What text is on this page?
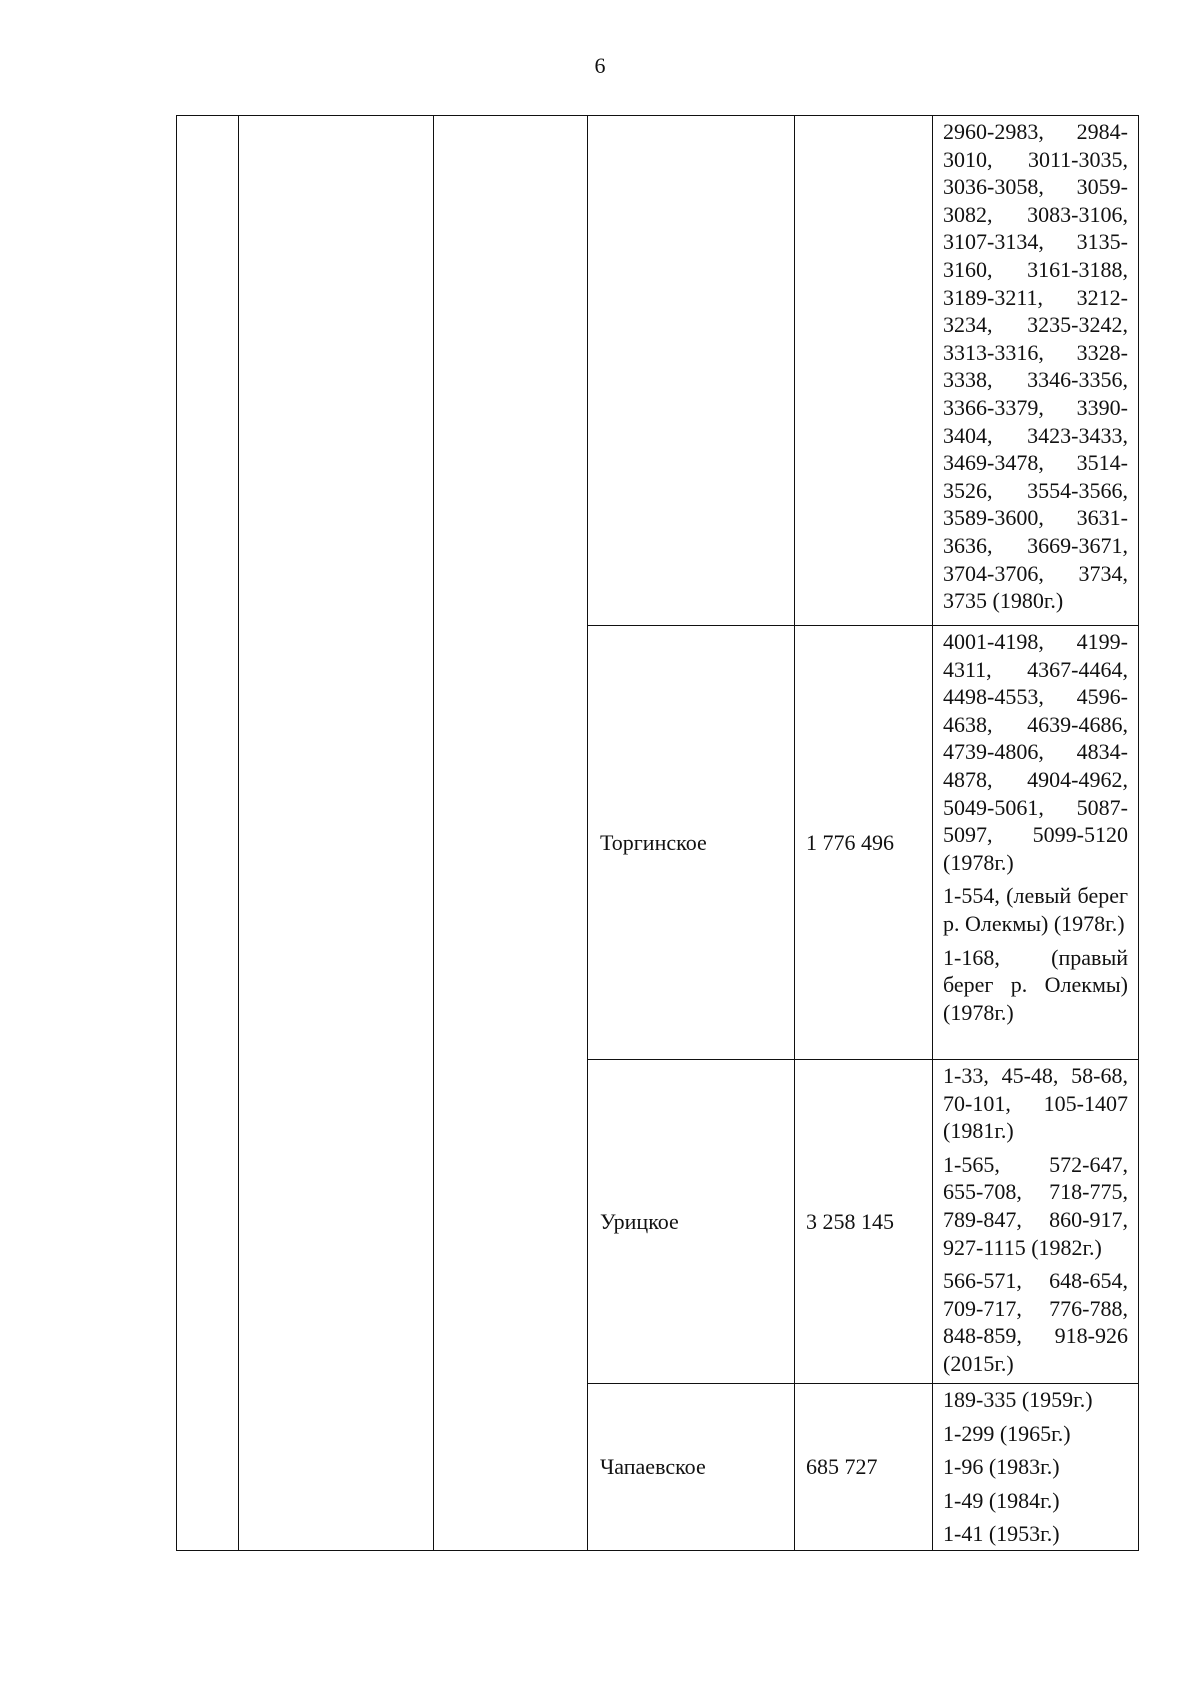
6

					2960-2983, 2984-3010, 3011-3035, 3036-3058, 3059-3082, 3083-3106, 3107-3134, 3135-3160, 3161-3188, 3189-3211, 3212-3234, 3235-3242, 3313-3316, 3328-3338, 3346-3356, 3366-3379, 3390-3404, 3423-3433, 3469-3478, 3514-3526, 3554-3566, 3589-3600, 3631-3636, 3669-3671, 3704-3706, 3734, 3735 (1980г.)

			Торгинское	1 776 496	4001-4198, 4199-4311, 4367-4464, 4498-4553, 4596-4638, 4639-4686, 4739-4806, 4834-4878, 4904-4962, 5049-5061, 5087-5097, 5099-5120 (1978г.)
1-554, (левый берег р. Олекмы) (1978г.)
1-168, (правый берег р. Олекмы) (1978г.)

			Урицкое	3 258 145	1-33, 45-48, 58-68, 70-101, 105-1407 (1981г.)
1-565, 572-647, 655-708, 718-775, 789-847, 860-917, 927-1115 (1982г.)
566-571, 648-654, 709-717, 776-788, 848-859, 918-926 (2015г.)

			Чапаевское	685 727	189-335 (1959г.)
1-299 (1965г.)
1-96 (1983г.)
1-49 (1984г.)
1-41 (1953г.)
